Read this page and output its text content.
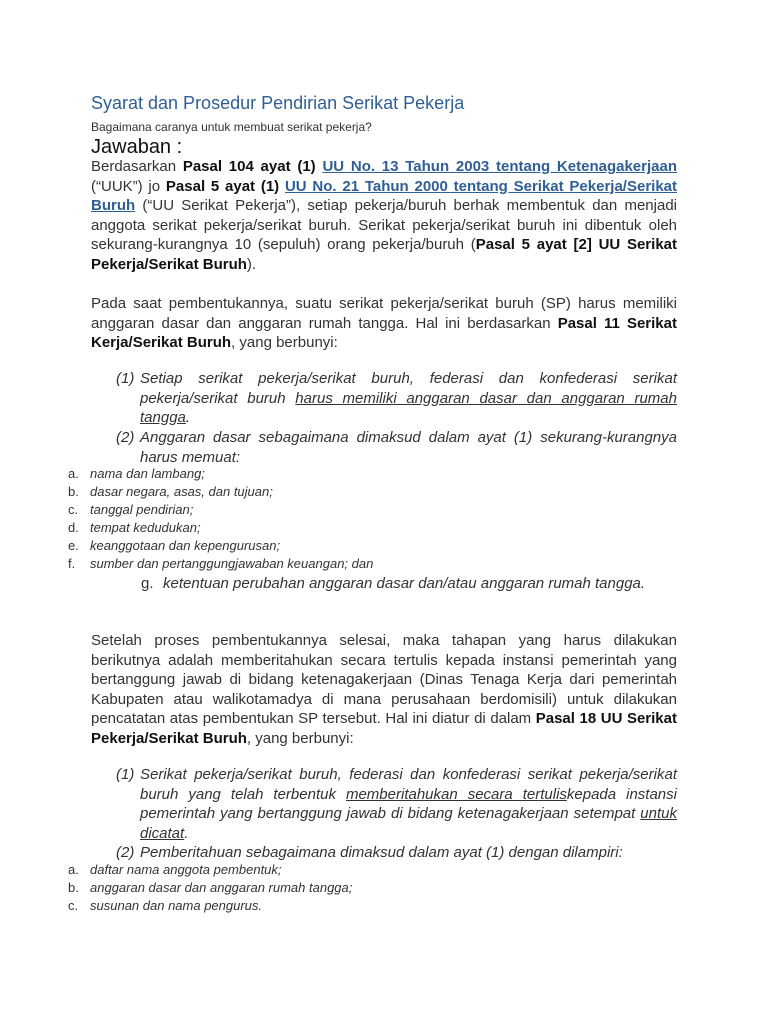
Syarat dan Prosedur Pendirian Serikat Pekerja
Bagaimana caranya untuk membuat serikat pekerja?
Jawaban :
Berdasarkan Pasal 104 ayat (1) UU No. 13 Tahun 2003 tentang Ketenagakerjaan (“UUK”) jo Pasal 5 ayat (1) UU No. 21 Tahun 2000 tentang Serikat Pekerja/Serikat Buruh (“UU Serikat Pekerja”), setiap pekerja/buruh berhak membentuk dan menjadi anggota serikat pekerja/serikat buruh. Serikat pekerja/serikat buruh ini dibentuk oleh sekurang-kurangnya 10 (sepuluh) orang pekerja/buruh (Pasal 5 ayat [2] UU Serikat Pekerja/Serikat Buruh).
Pada saat pembentukannya, suatu serikat pekerja/serikat buruh (SP) harus memiliki anggaran dasar dan anggaran rumah tangga. Hal ini berdasarkan Pasal 11 Serikat Kerja/Serikat Buruh, yang berbunyi:
(1) Setiap serikat pekerja/serikat buruh, federasi dan konfederasi serikat pekerja/serikat buruh harus memiliki anggaran dasar dan anggaran rumah tangga.
(2) Anggaran dasar sebagaimana dimaksud dalam ayat (1) sekurang-kurangnya harus memuat:
a. nama dan lambang;
b. dasar negara, asas, dan tujuan;
c. tanggal pendirian;
d. tempat kedudukan;
e. keanggotaan dan kepengurusan;
f. sumber dan pertanggungjawaban keuangan; dan
g. ketentuan perubahan anggaran dasar dan/atau anggaran rumah tangga.
Setelah proses pembentukannya selesai, maka tahapan yang harus dilakukan berikutnya adalah memberitahukan secara tertulis kepada instansi pemerintah yang bertanggung jawab di bidang ketenagakerjaan (Dinas Tenaga Kerja dari pemerintah Kabupaten atau walikotamadya di mana perusahaan berdomisili) untuk dilakukan pencatatan atas pembentukan SP tersebut. Hal ini diatur di dalam Pasal 18 UU Serikat Pekerja/Serikat Buruh, yang berbunyi:
(1) Serikat pekerja/serikat buruh, federasi dan konfederasi serikat pekerja/serikat buruh yang telah terbentuk memberitahukan secara tertuliskepada instansi pemerintah yang bertanggung jawab di bidang ketenagakerjaan setempat untuk dicatat.
(2) Pemberitahuan sebagaimana dimaksud dalam ayat (1) dengan dilampiri:
a. daftar nama anggota pembentuk;
b. anggaran dasar dan anggaran rumah tangga;
c. susunan dan nama pengurus.
